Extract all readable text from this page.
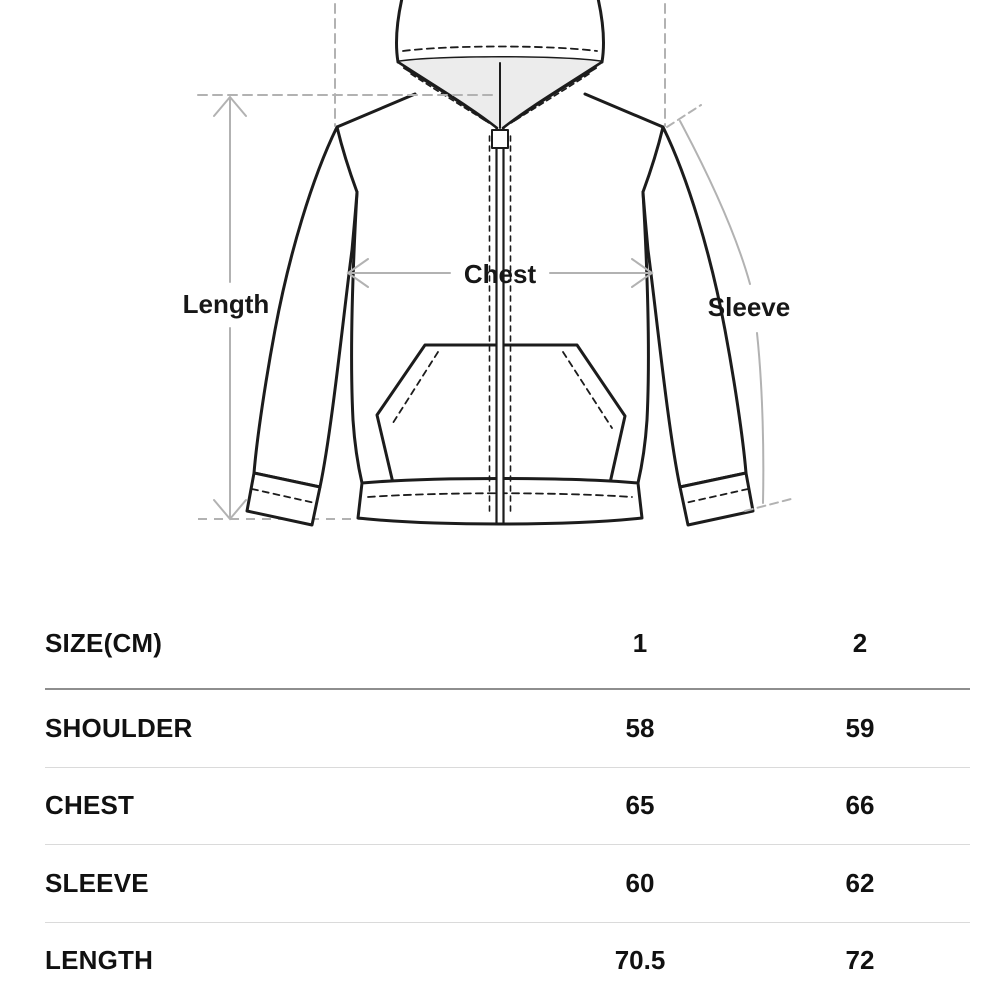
Length
Chest
Sleeve
SIZE(CM)	1	2
SHOULDER	58	59
CHEST	65	66
SLEEVE	60	62
LENGTH	70.5	72
